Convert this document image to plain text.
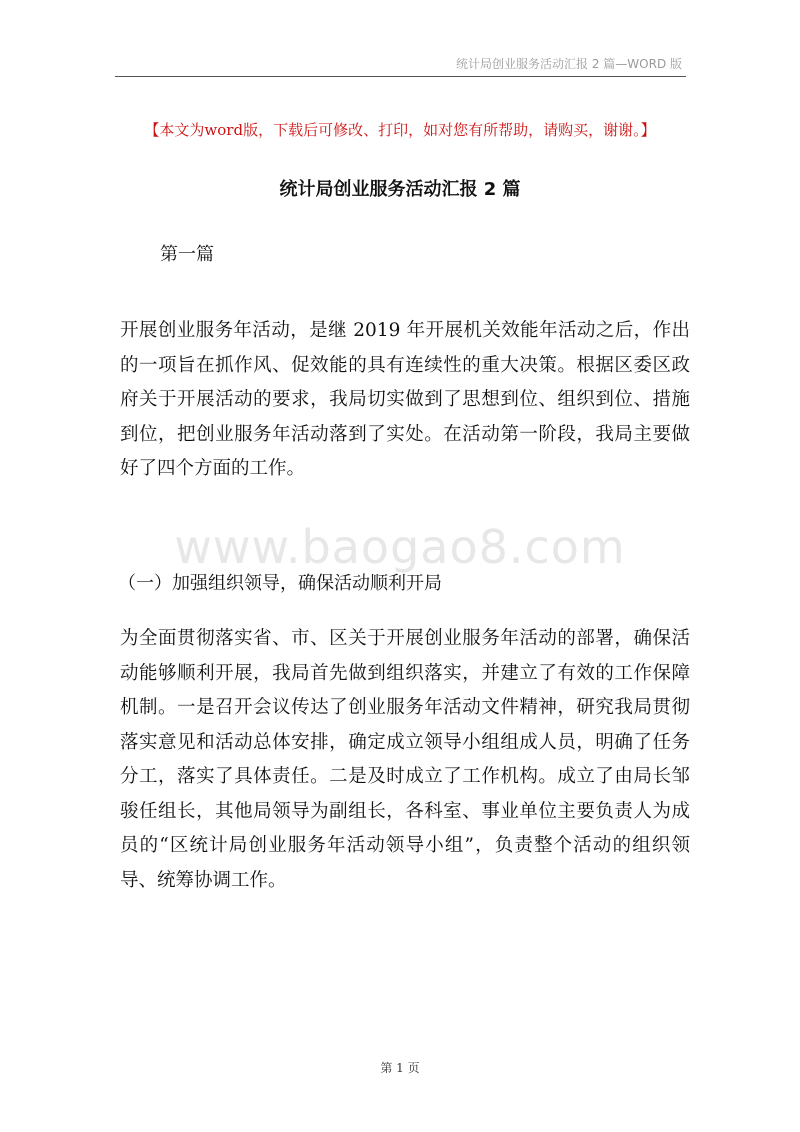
统计局创业服务活动汇报 2 篇—WORD 版
【本文为word版，下载后可修改、打印，如对您有所帮助，请购买，谢谢。】
统计局创业服务活动汇报 2 篇
第一篇
开展创业服务年活动，是继 2019 年开展机关效能年活动之后，作出的一项旨在抓作风、促效能的具有连续性的重大决策。根据区委区政府关于开展活动的要求，我局切实做到了思想到位、组织到位、措施到位，把创业服务年活动落到了实处。在活动第一阶段，我局主要做好了四个方面的工作。
www.baogao8.com
（一）加强组织领导，确保活动顺利开局
为全面贯彻落实省、市、区关于开展创业服务年活动的部署，确保活动能够顺利开展，我局首先做到组织落实，并建立了有效的工作保障机制。一是召开会议传达了创业服务年活动文件精神，研究我局贯彻落实意见和活动总体安排，确定成立领导小组组成人员，明确了任务分工，落实了具体责任。二是及时成立了工作机构。成立了由局长邹骏任组长，其他局领导为副组长，各科室、事业单位主要负责人为成员的“区统计局创业服务年活动领导小组”，负责整个活动的组织领导、统筹协调工作。
第 1 页
